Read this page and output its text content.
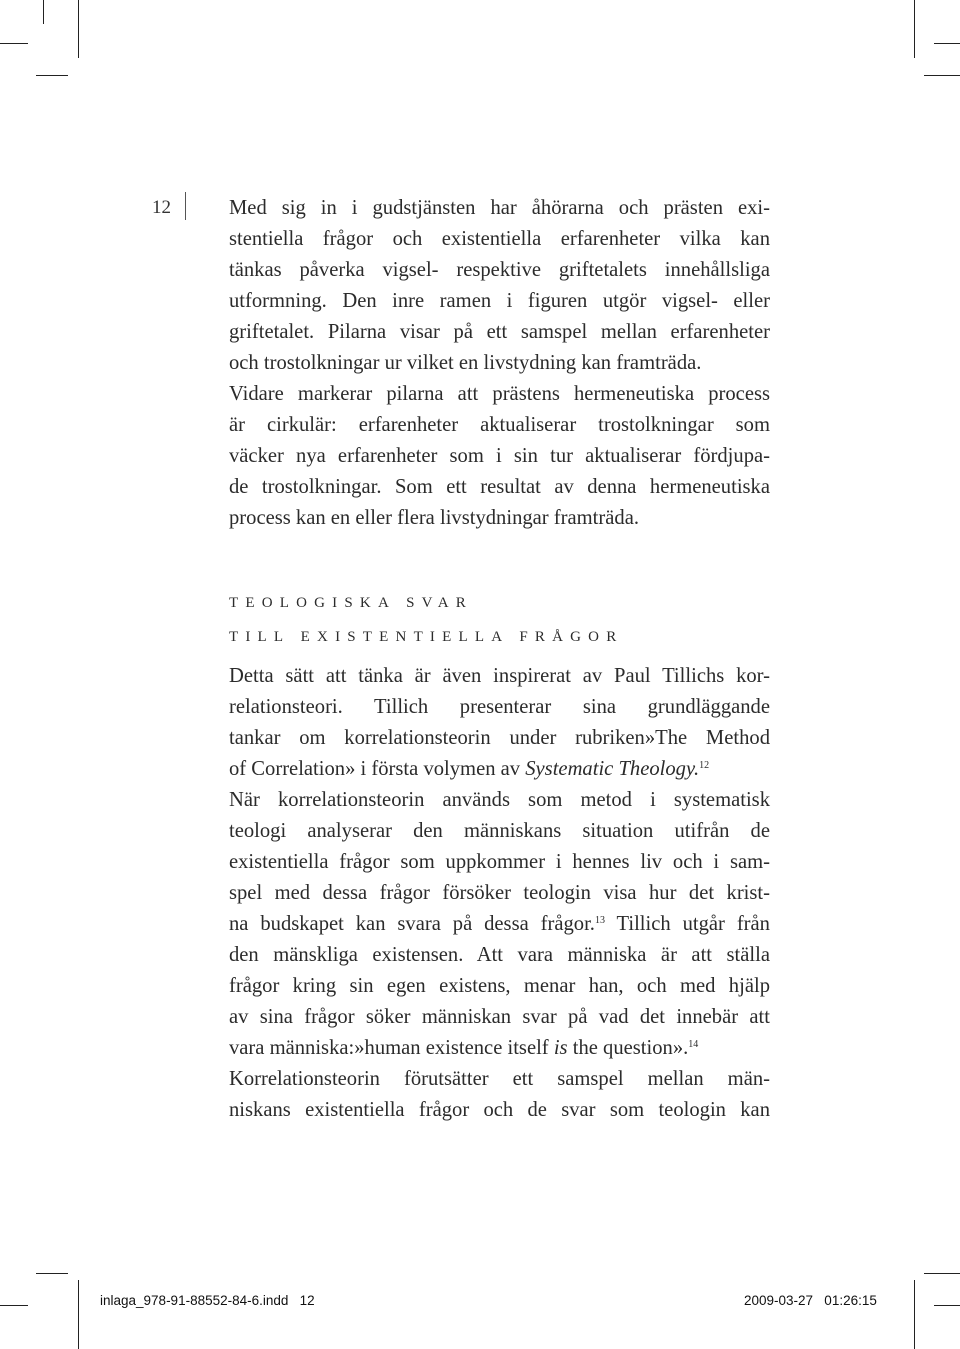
12	Med sig in i gudstjänsten har åhörarna och prästen exi-
stentiella frågor och existentiella erfarenheter vilka kan
tänkas påverka vigsel- respektive griftetalets innehållsliga
utformning. Den inre ramen i figuren utgör vigsel- eller
griftetalet. Pilarna visar på ett samspel mellan erfarenheter
och trostolkningar ur vilket en livstydning kan framträda.
Vidare markerar pilarna att prästens hermeneutiska process
är cirkulär: erfarenheter aktualiserar trostolkningar som
väcker nya erfarenheter som i sin tur aktualiserar fördjupa-
de trostolkningar. Som ett resultat av denna hermeneutiska
process kan en eller flera livstydningar framträda.
TEOLOGISKA SVAR
TILL EXISTENTIELLA FRÅGOR
Detta sätt att tänka är även inspirerat av Paul Tillichs kor-
relationsteori. Tillich presenterar sina grundläggande
tankar om korrelationsteorin under rubriken»The Method
of Correlation» i första volymen av Systematic Theology.$^{12}$
När korrelationsteorin används som metod i systematisk
teologi analyserar den människans situation utifrån de
existentiella frågor som uppkommer i hennes liv och i sam-
spel med dessa frågor försöker teologin visa hur det krist-
na budskapet kan svara på dessa frågor.$^{13}$ Tillich utgår från
den mänskliga existensen. Att vara människa är att ställa
frågor kring sin egen existens, menar han, och med hjälp
av sina frågor söker människan svar på vad det innebär att
vara människa:»human existence itself is the question».$^{14}$
Korrelationsteorin förutsätter ett samspel mellan män-
niskans existentiella frågor och de svar som teologin kan
inlaga_978-91-88552-84-6.indd   12	2009-03-27   01:26:15
